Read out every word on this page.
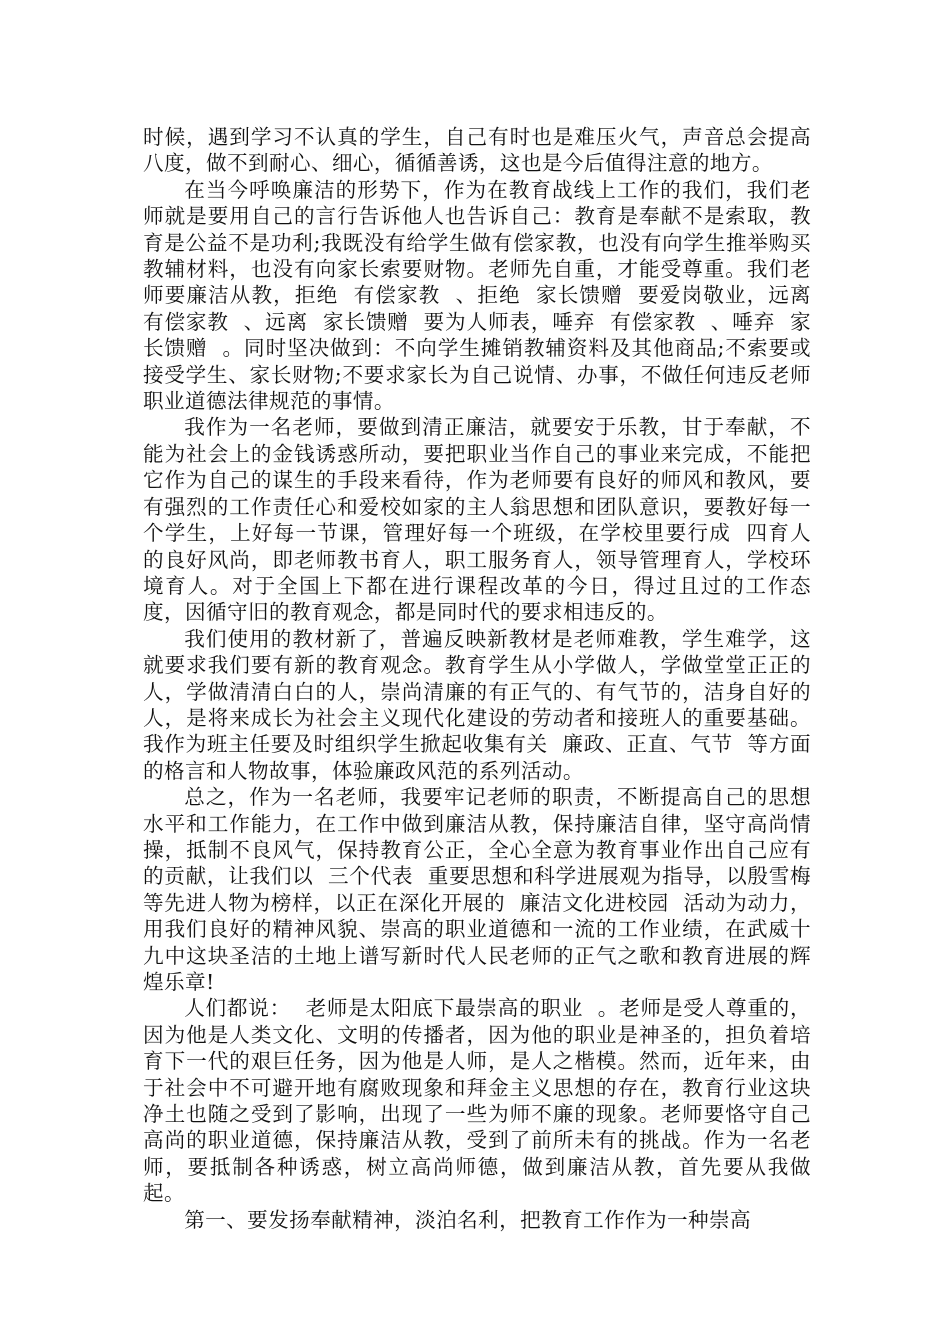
时候，遇到学习不认真的学生，自己有时也是难压火气，声音总会提高八度，做不到耐心、细心，循循善诱，这也是今后值得注意的地方。

在当今呼唤廉洁的形势下，作为在教育战线上工作的我们，我们老师就是要用自己的言行告诉他人也告诉自己：教育是奉献不是索取，教育是公益不是功利;我既没有给学生做有偿家教，也没有向学生推举购买教辅材料，也没有向家长索要财物。老师先自重，才能受尊重。我们老师要廉洁从教，拒绝  有偿家教  、拒绝  家长馈赠  要爱岗敬业，远离  有偿家教  、远离  家长馈赠  要为人师表，唾弃  有偿家教  、唾弃  家长馈赠  。同时坚决做到：不向学生摊销教辅资料及其他商品;不索要或接受学生、家长财物;不要求家长为自己说情、办事，不做任何违反老师职业道德法律规范的事情。

我作为一名老师，要做到清正廉洁，就要安于乐教，甘于奉献，不能为社会上的金钱诱惑所动，要把职业当作自己的事业来完成，不能把它作为自己的谋生的手段来看待，作为老师要有良好的师风和教风，要有强烈的工作责任心和爱校如家的主人翁思想和团队意识，要教好每一个学生，上好每一节课，管理好每一个班级，在学校里要行成  四育人  的良好风尚，即老师教书育人，职工服务育人，领导管理育人，学校环境育人。对于全国上下都在进行课程改革的今日，得过且过的工作态度，因循守旧的教育观念，都是同时代的要求相违反的。

我们使用的教材新了，普遍反映新教材是老师难教，学生难学，这就要求我们要有新的教育观念。教育学生从小学做人，学做堂堂正正的人，学做清清白白的人，崇尚清廉的有正气的、有气节的，洁身自好的人，是将来成长为社会主义现代化建设的劳动者和接班人的重要基础。我作为班主任要及时组织学生掀起收集有关  廉政、正直、气节  等方面的格言和人物故事，体验廉政风范的系列活动。

总之，作为一名老师，我要牢记老师的职责，不断提高自己的思想水平和工作能力，在工作中做到廉洁从教，保持廉洁自律，坚守高尚情操，抵制不良风气，保持教育公正，全心全意为教育事业作出自己应有的贡献，让我们以  三个代表  重要思想和科学进展观为指导，以殷雪梅等先进人物为榜样，以正在深化开展的  廉洁文化进校园  活动为动力，用我们良好的精神风貌、崇高的职业道德和一流的工作业绩，在武威十九中这块圣洁的土地上谱写新时代人民老师的正气之歌和教育进展的辉煌乐章!

人们都说：  老师是太阳底下最崇高的职业  。老师是受人尊重的，因为他是人类文化、文明的传播者，因为他的职业是神圣的，担负着培育下一代的艰巨任务，因为他是人师，是人之楷模。然而，近年来，由于社会中不可避开地有腐败现象和拜金主义思想的存在，教育行业这块净土也随之受到了影响，出现了一些为师不廉的现象。老师要恪守自己高尚的职业道德，保持廉洁从教，受到了前所未有的挑战。作为一名老师，要抵制各种诱惑，树立高尚师德，做到廉洁从教，首先要从我做起。

第一、要发扬奉献精神，淡泊名利，把教育工作作为一种崇高
